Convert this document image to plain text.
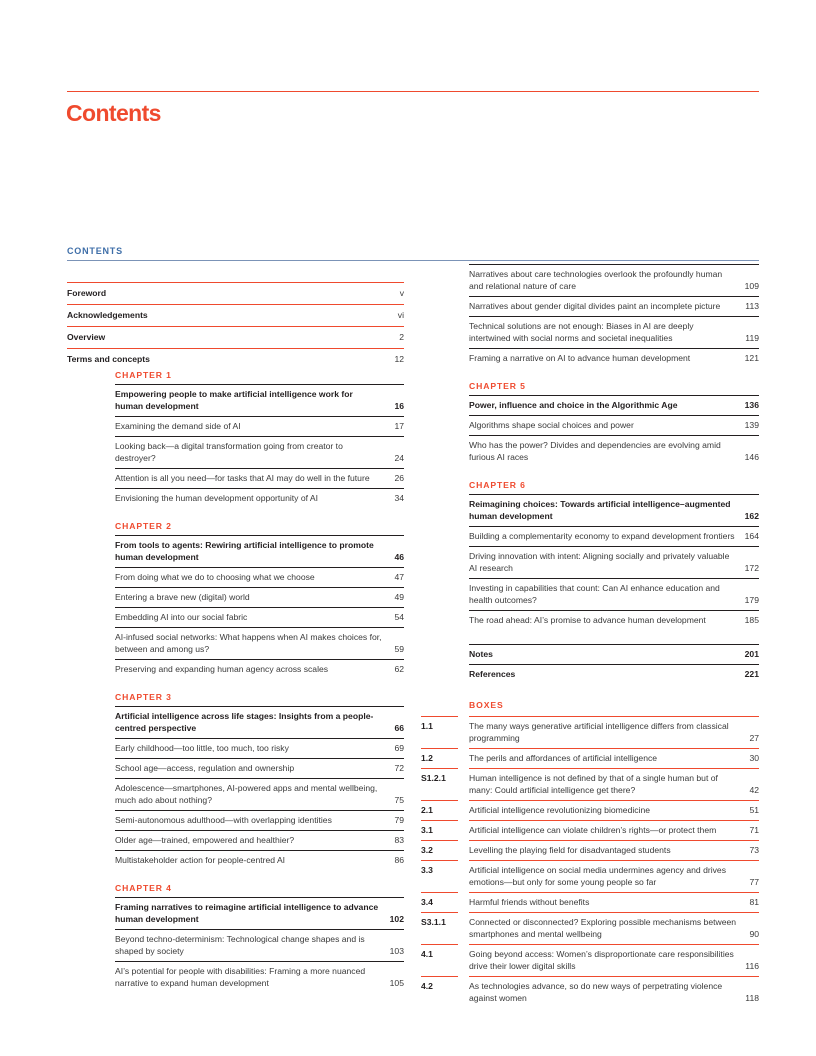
Contents
CONTENTS
Foreword	v
Acknowledgements	vi
Overview	2
Terms and concepts	12
CHAPTER 1
Empowering people to make artificial intelligence work for human development	16
Examining the demand side of AI	17
Looking back—a digital transformation going from creator to destroyer?	24
Attention is all you need—for tasks that AI may do well in the future	26
Envisioning the human development opportunity of AI	34
CHAPTER 2
From tools to agents: Rewiring artificial intelligence to promote human development	46
From doing what we do to choosing what we choose	47
Entering a brave new (digital) world	49
Embedding AI into our social fabric	54
AI-infused social networks: What happens when AI makes choices for, between and among us?	59
Preserving and expanding human agency across scales	62
CHAPTER 3
Artificial intelligence across life stages: Insights from a people-centred perspective	66
Early childhood—too little, too much, too risky	69
School age—access, regulation and ownership	72
Adolescence—smartphones, AI-powered apps and mental wellbeing, much ado about nothing?	75
Semi-autonomous adulthood—with overlapping identities	79
Older age—trained, empowered and healthier?	83
Multistakeholder action for people-centred AI	86
CHAPTER 4
Framing narratives to reimagine artificial intelligence to advance human development	102
Beyond techno-determinism: Technological change shapes and is shaped by society	103
AI’s potential for people with disabilities: Framing a more nuanced narrative to expand human development	105
Narratives about care technologies overlook the profoundly human and relational nature of care	109
Narratives about gender digital divides paint an incomplete picture	113
Technical solutions are not enough: Biases in AI are deeply intertwined with social norms and societal inequalities	119
Framing a narrative on AI to advance human development	121
CHAPTER 5
Power, influence and choice in the Algorithmic Age	136
Algorithms shape social choices and power	139
Who has the power? Divides and dependencies are evolving amid furious AI races	146
CHAPTER 6
Reimagining choices: Towards artificial intelligence–augmented human development	162
Building a complementarity economy to expand development frontiers 164
Driving innovation with intent: Aligning socially and privately valuable AI research	172
Investing in capabilities that count: Can AI enhance education and health outcomes?	179
The road ahead: AI’s promise to advance human development	185
Notes	201
References	221
BOXES
1.1	The many ways generative artificial intelligence differs from classical programming	27
1.2	The perils and affordances of artificial intelligence	30
S1.2.1	Human intelligence is not defined by that of a single human but of many: Could artificial intelligence get there?	42
2.1	Artificial intelligence revolutionizing biomedicine	51
3.1	Artificial intelligence can violate children’s rights—or protect them	71
3.2	Levelling the playing field for disadvantaged students	73
3.3	Artificial intelligence on social media undermines agency and drives emotions—but only for some young people so far	77
3.4	Harmful friends without benefits	81
S3.1.1	Connected or disconnected? Exploring possible mechanisms between smartphones and mental wellbeing	90
4.1	Going beyond access: Women’s disproportionate care responsibilities drive their lower digital skills	116
4.2	As technologies advance, so do new ways of perpetrating violence against women	118
